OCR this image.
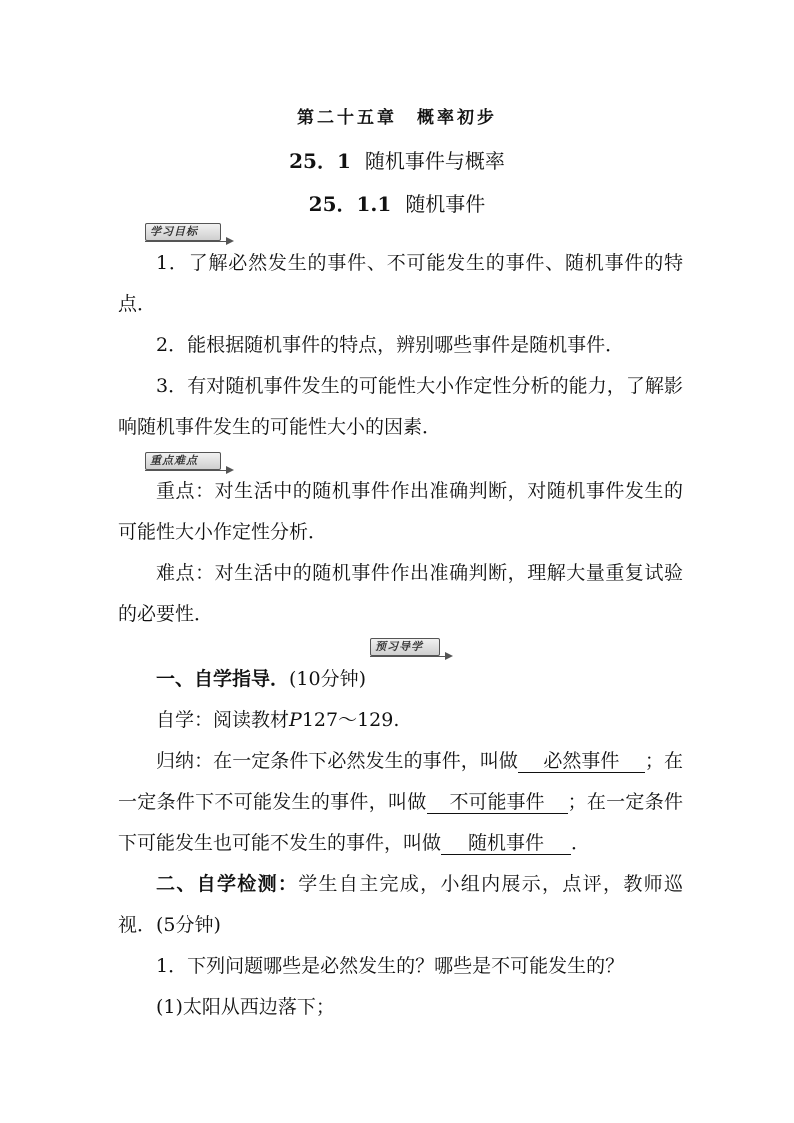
第二十五章　概率初步
25．1 随机事件与概率
25．1.1 随机事件
学习目标
1．了解必然发生的事件、不可能发生的事件、随机事件的特点．
2．能根据随机事件的特点，辨别哪些事件是随机事件．
3．有对随机事件发生的可能性大小作定性分析的能力，了解影响随机事件发生的可能性大小的因素．
重点难点
重点：对生活中的随机事件作出准确判断，对随机事件发生的可能性大小作定性分析．
难点：对生活中的随机事件作出准确判断，理解大量重复试验的必要性．
预习导学
一、自学指导．(10分钟)
自学：阅读教材P127～129.
归纳：在一定条件下必然发生的事件，叫做 必然事件 ；在一定条件下不可能发生的事件，叫做 不可能事件 ；在一定条件下可能发生也可能不发生的事件，叫做 随机事件 ．
二、自学检测：学生自主完成，小组内展示，点评，教师巡视．(5分钟)
1．下列问题哪些是必然发生的？哪些是不可能发生的？
(1)太阳从西边落下；
